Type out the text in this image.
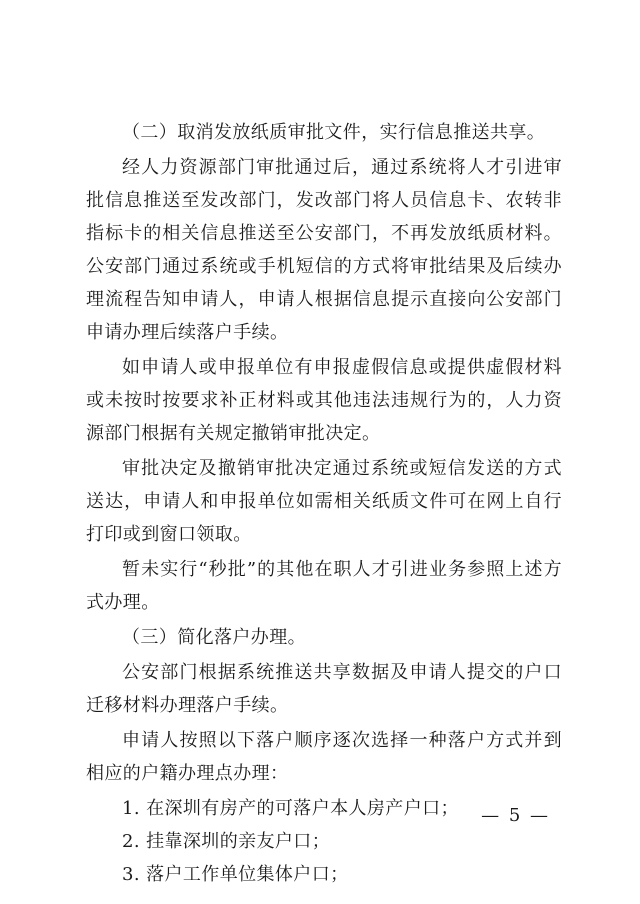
（二）取消发放纸质审批文件，实行信息推送共享。

经人力资源部门审批通过后，通过系统将人才引进审批信息推送至发改部门，发改部门将人员信息卡、农转非指标卡的相关信息推送至公安部门，不再发放纸质材料。公安部门通过系统或手机短信的方式将审批结果及后续办理流程告知申请人，申请人根据信息提示直接向公安部门申请办理后续落户手续。

如申请人或申报单位有申报虚假信息或提供虚假材料或未按时按要求补正材料或其他违法违规行为的，人力资源部门根据有关规定撤销审批决定。

审批决定及撤销审批决定通过系统或短信发送的方式送达，申请人和申报单位如需相关纸质文件可在网上自行打印或到窗口领取。

暂未实行“秒批”的其他在职人才引进业务参照上述方式办理。

（三）简化落户办理。

公安部门根据系统推送共享数据及申请人提交的户口迁移材料办理落户手续。

申请人按照以下落户顺序逐次选择一种落户方式并到相应的户籍办理点办理：

1. 在深圳有房产的可落户本人房产户口；

2. 挂靠深圳的亲友户口；

3. 落户工作单位集体户口；

— 5 —
